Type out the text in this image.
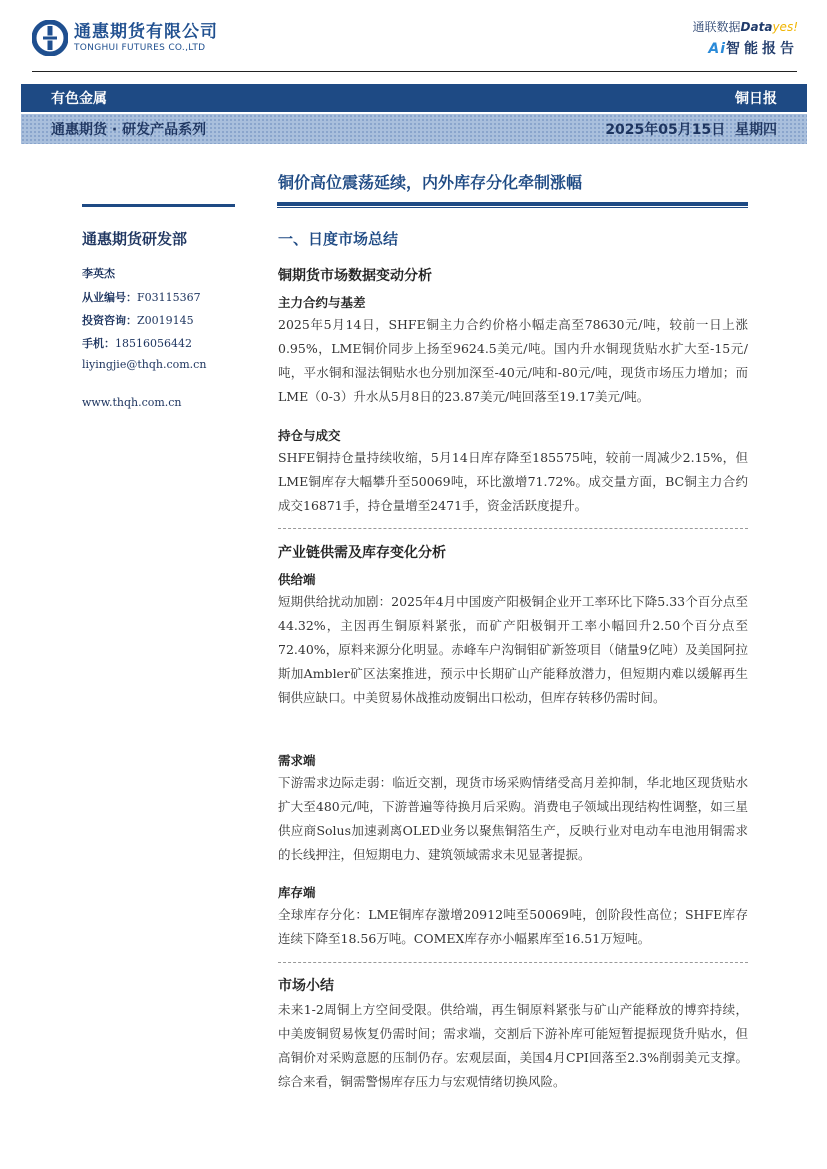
通惠期货有限公司
TONGHUI FUTURES CO.,LTD
通联数据Datayes!
Ai智能报告
有色金属	铜日报
通惠期货 · 研发产品系列	2025年05月15日  星期四
铜价高位震荡延续，内外库存分化牵制涨幅
通惠期货研发部
李英杰
从业编号：F03115367
投资咨询：Z0019145
手机：18516056442
liyingjie@thqh.com.cn
www.thqh.com.cn
一、日度市场总结
铜期货市场数据变动分析
主力合约与基差
2025年5月14日，SHFE铜主力合约价格小幅走高至78630元/吨，较前一日上涨0.95%，LME铜价同步上扬至9624.5美元/吨。国内升水铜现货贴水扩大至-15元/吨，平水铜和湿法铜贴水也分别加深至-40元/吨和-80元/吨，现货市场压力增加；而LME（0-3）升水从5月8日的23.87美元/吨回落至19.17美元/吨。
持仓与成交
SHFE铜持仓量持续收缩，5月14日库存降至185575吨，较前一周减少2.15%，但LME铜库存大幅攀升至50069吨，环比激增71.72%。成交量方面，BC铜主力合约成交16871手，持仓量增至2471手，资金活跃度提升。
产业链供需及库存变化分析
供给端
短期供给扰动加剧：2025年4月中国废产阳极铜企业开工率环比下降5.33个百分点至44.32%，主因再生铜原料紧张，而矿产阳极铜开工率小幅回升2.50个百分点至72.40%，原料来源分化明显。赤峰车户沟铜钼矿新签项目（储量9亿吨）及美国阿拉斯加Ambler矿区法案推进，预示中长期矿山产能释放潜力，但短期内难以缓解再生铜供应缺口。中美贸易休战推动废铜出口松动，但库存转移仍需时间。
需求端
下游需求边际走弱：临近交割，现货市场采购情绪受高月差抑制，华北地区现货贴水扩大至480元/吨，下游普遍等待换月后采购。消费电子领域出现结构性调整，如三星供应商Solus加速剥离OLED业务以聚焦铜箔生产，反映行业对电动车电池用铜需求的长线押注，但短期电力、建筑领域需求未见显著提振。
库存端
全球库存分化：LME铜库存激增20912吨至50069吨，创阶段性高位；SHFE库存连续下降至18.56万吨。COMEX库存亦小幅累库至16.51万短吨。
市场小结
未来1-2周铜上方空间受限。供给端，再生铜原料紧张与矿山产能释放的博弈持续，中美废铜贸易恢复仍需时间；需求端，交割后下游补库可能短暂提振现货升贴水，但高铜价对采购意愿的压制仍存。宏观层面，美国4月CPI回落至2.3%削弱美元支撑。综合来看，铜需警惕库存压力与宏观情绪切换风险。
